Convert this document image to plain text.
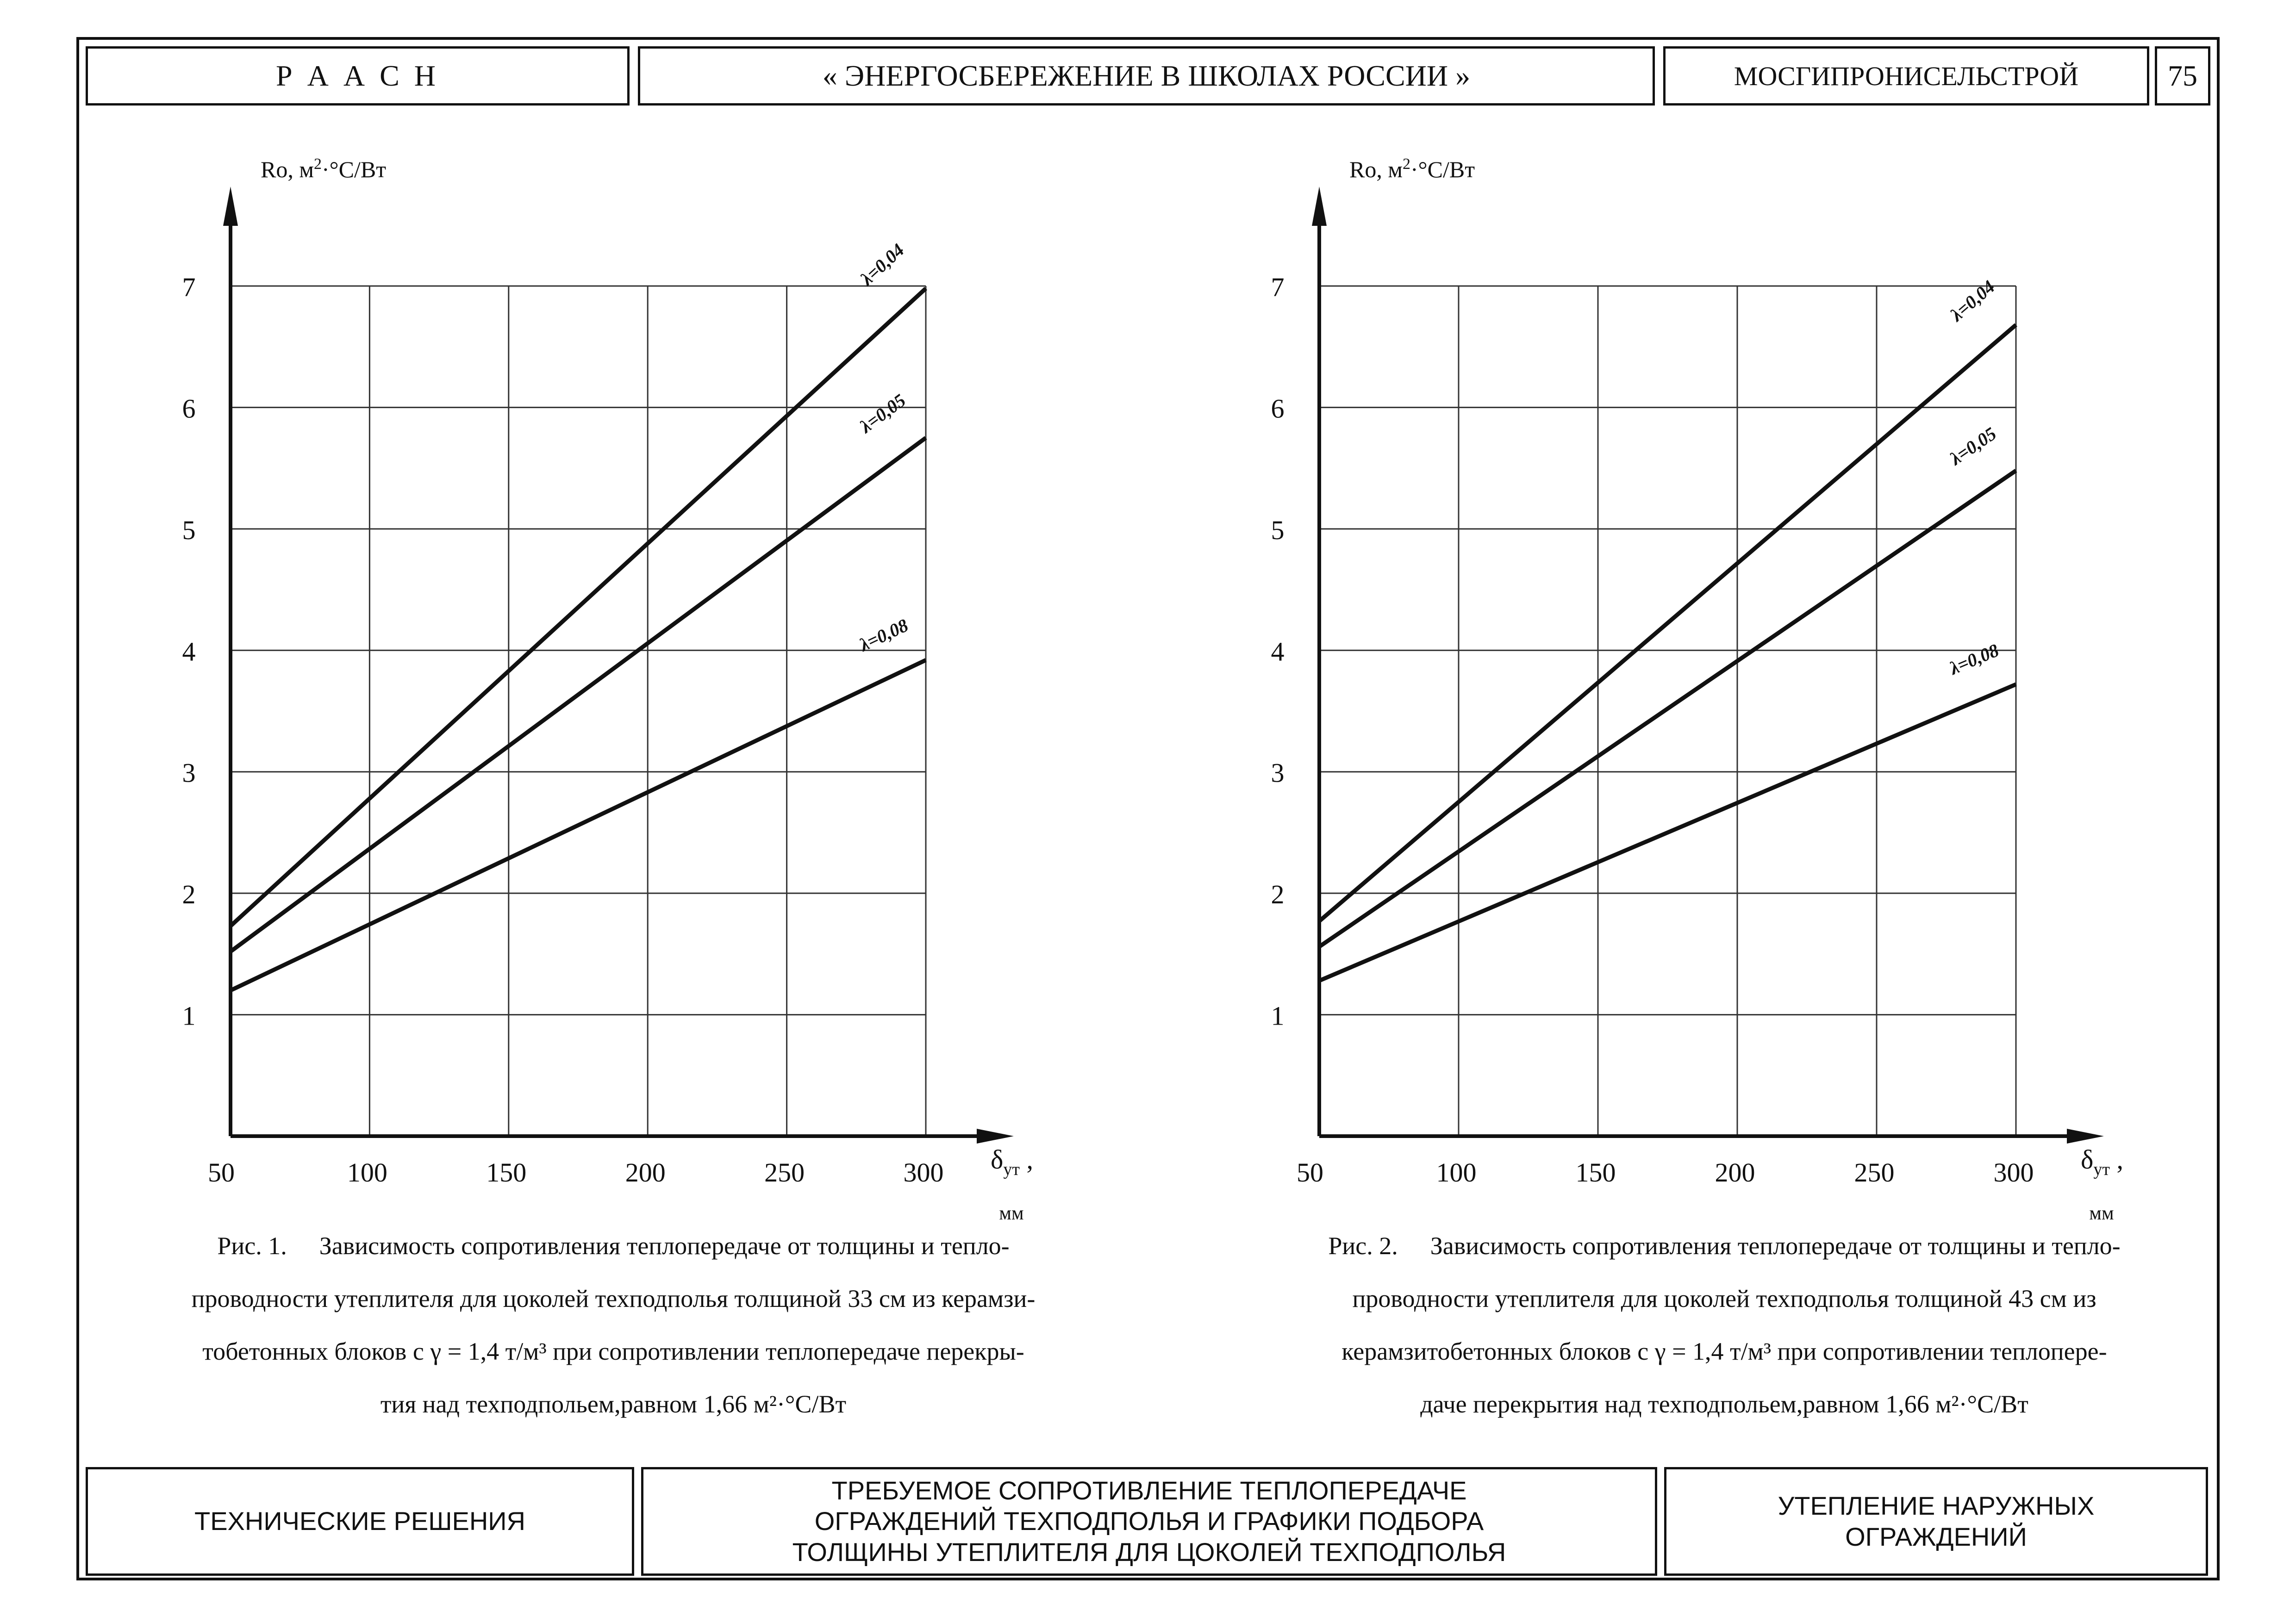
Р А А С Н	« ЭНЕРГОСБЕРЕЖЕНИЕ В ШКОЛАХ РОССИИ »	МОСГИПРОНИСЕЛЬСТРОЙ	75
1
2
3
4
5
6
7
50	100	150	200	250	300
Ro, $м^2\cdot^\circ С/Вт$
$\delta_{ут}$ ,
мм
λ=0,04
λ=0,05
λ=0,08
1
2
3
4
5
6
7
50	100	150	200	250	300
Ro, $м^2\cdot^\circ С/Вт$
$\delta_{ут}$ ,
мм
λ=0,04
λ=0,05
λ=0,08
Рис. 1. Зависимость сопротивления теплопередаче от толщины и тепло-
проводности утеплителя для цоколей техподполья толщиной 33 см из керамзи-
тобетонных блоков с γ = 1,4 т/м³ при сопротивлении теплопередаче перекры-
тия над техподпольем,равном 1,66 м²·°С/Вт
Рис. 2. Зависимость сопротивления теплопередаче от толщины и тепло-
проводности утеплителя для цоколей техподполья толщиной 43 см из
керамзитобетонных блоков с γ = 1,4 т/м³ при сопротивлении теплопере-
даче перекрытия над техподпольем,равном 1,66 м²·°С/Вт
ТЕХНИЧЕСКИЕ РЕШЕНИЯ
ТРЕБУЕМОЕ СОПРОТИВЛЕНИЕ ТЕПЛОПЕРЕДАЧЕ
ОГРАЖДЕНИЙ ТЕХПОДПОЛЬЯ И ГРАФИКИ ПОДБОРА
ТОЛЩИНЫ УТЕПЛИТЕЛЯ ДЛЯ ЦОКОЛЕЙ ТЕХПОДПОЛЬЯ
УТЕПЛЕНИЕ НАРУЖНЫХ
ОГРАЖДЕНИЙ
